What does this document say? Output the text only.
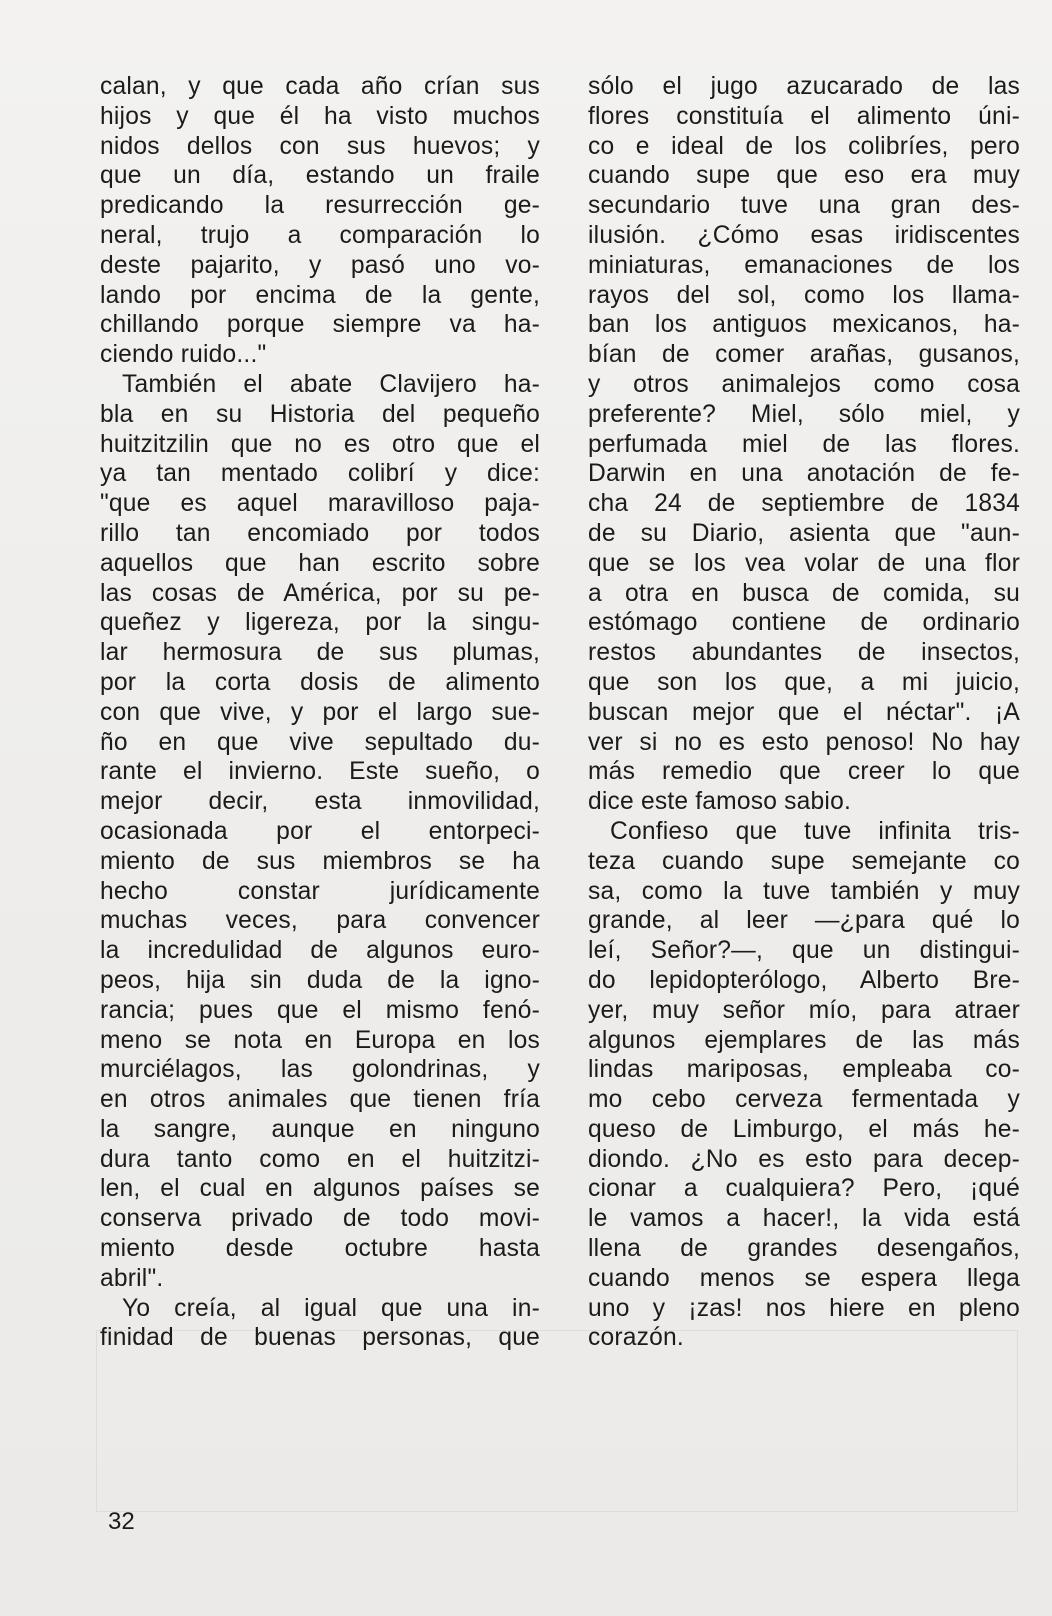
calan, y que cada año crían sus
hijos y que él ha visto muchos
nidos dellos con sus huevos; y
que un día, estando un fraile
predicando la resurrección ge-
neral, trujo a comparación lo
deste pajarito, y pasó uno vo-
lando por encima de la gente,
chillando porque siempre va ha-
ciendo ruido..."
También el abate Clavijero ha-
bla en su Historia del pequeño
huitzitzilin que no es otro que el
ya tan mentado colibrí y dice:
"que es aquel maravilloso paja-
rillo tan encomiado por todos
aquellos que han escrito sobre
las cosas de América, por su pe-
queñez y ligereza, por la singu-
lar hermosura de sus plumas,
por la corta dosis de alimento
con que vive, y por el largo sue-
ño en que vive sepultado du-
rante el invierno. Este sueño, o
mejor decir, esta inmovilidad,
ocasionada por el entorpeci-
miento de sus miembros se ha
hecho constar jurídicamente
muchas veces, para convencer
la incredulidad de algunos euro-
peos, hija sin duda de la igno-
rancia; pues que el mismo fenó-
meno se nota en Europa en los
murciélagos, las golondrinas, y
en otros animales que tienen fría
la sangre, aunque en ninguno
dura tanto como en el huitzitzi-
len, el cual en algunos países se
conserva privado de todo movi-
miento desde octubre hasta
abril".
Yo creía, al igual que una in-
finidad de buenas personas, que
sólo el jugo azucarado de las
flores constituía el alimento úni-
co e ideal de los colibríes, pero
cuando supe que eso era muy
secundario tuve una gran des-
ilusión. ¿Cómo esas iridiscentes
miniaturas, emanaciones de los
rayos del sol, como los llama-
ban los antiguos mexicanos, ha-
bían de comer arañas, gusanos,
y otros animalejos como cosa
preferente? Miel, sólo miel, y
perfumada miel de las flores.
Darwin en una anotación de fe-
cha 24 de septiembre de 1834
de su Diario, asienta que "aun-
que se los vea volar de una flor
a otra en busca de comida, su
estómago contiene de ordinario
restos abundantes de insectos,
que son los que, a mi juicio,
buscan mejor que el néctar". ¡A
ver si no es esto penoso! No hay
más remedio que creer lo que
dice este famoso sabio.
Confieso que tuve infinita tris-
teza cuando supe semejante co
sa, como la tuve también y muy
grande, al leer —¿para qué lo
leí, Señor?—, que un distingui-
do lepidopterólogo, Alberto Bre-
yer, muy señor mío, para atraer
algunos ejemplares de las más
lindas mariposas, empleaba co-
mo cebo cerveza fermentada y
queso de Limburgo, el más he-
diondo. ¿No es esto para decep-
cionar a cualquiera? Pero, ¡qué
le vamos a hacer!, la vida está
llena de grandes desengaños,
cuando menos se espera llega
uno y ¡zas! nos hiere en pleno
corazón.
32
